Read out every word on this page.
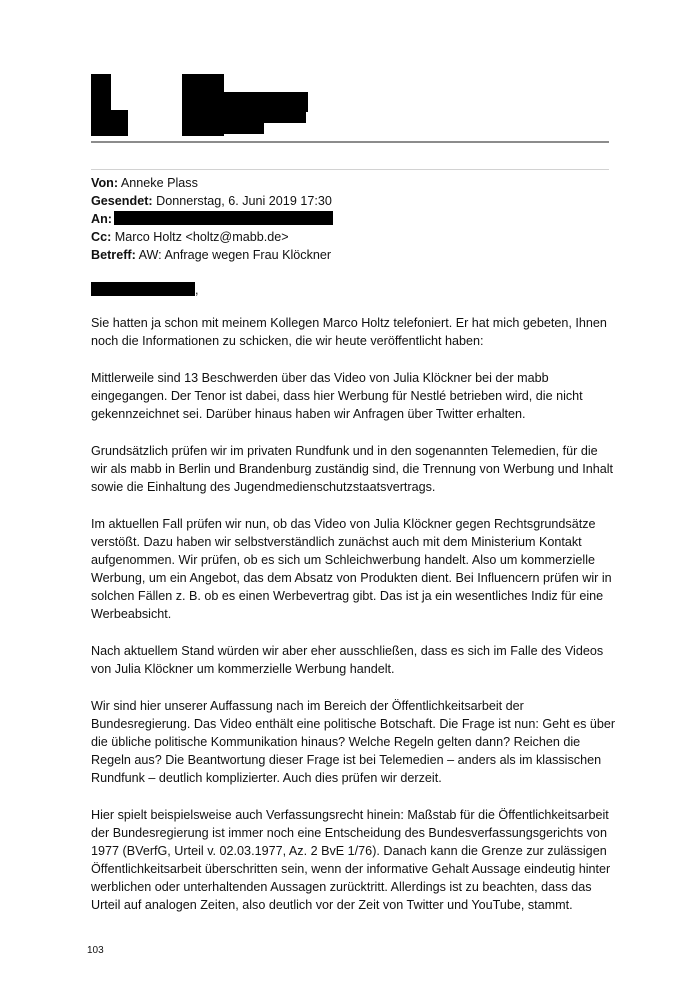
Von: Anneke Plass
Gesendet: Donnerstag, 6. Juni 2019 17:30
An:
Cc: Marco Holtz <holtz@mabb.de>
Betreff: AW: Anfrage wegen Frau Klöckner
,

Sie hatten ja schon mit meinem Kollegen Marco Holtz telefoniert. Er hat mich gebeten, Ihnen noch die Informationen zu schicken, die wir heute veröffentlicht haben:

Mittlerweile sind 13 Beschwerden über das Video von Julia Klöckner bei der mabb eingegangen. Der Tenor ist dabei, dass hier Werbung für Nestlé betrieben wird, die nicht gekennzeichnet sei. Darüber hinaus haben wir Anfragen über Twitter erhalten.

Grundsätzlich prüfen wir im privaten Rundfunk und in den sogenannten Telemedien, für die wir als mabb in Berlin und Brandenburg zuständig sind, die Trennung von Werbung und Inhalt sowie die Einhaltung des Jugendmedienschutzstaatsvertrags.

Im aktuellen Fall prüfen wir nun, ob das Video von Julia Klöckner gegen Rechtsgrundsätze verstößt. Dazu haben wir selbstverständlich zunächst auch mit dem Ministerium Kontakt aufgenommen. Wir prüfen, ob es sich um Schleichwerbung handelt. Also um kommerzielle Werbung, um ein Angebot, das dem Absatz von Produkten dient. Bei Influencern prüfen wir in solchen Fällen z. B. ob es einen Werbevertrag gibt. Das ist ja ein wesentliches Indiz für eine Werbeabsicht.

Nach aktuellem Stand würden wir aber eher ausschließen, dass es sich im Falle des Videos von Julia Klöckner um kommerzielle Werbung handelt.

Wir sind hier unserer Auffassung nach im Bereich der Öffentlichkeitsarbeit der Bundesregierung. Das Video enthält eine politische Botschaft. Die Frage ist nun: Geht es über die übliche politische Kommunikation hinaus? Welche Regeln gelten dann? Reichen die Regeln aus? Die Beantwortung dieser Frage ist bei Telemedien – anders als im klassischen Rundfunk – deutlich komplizierter. Auch dies prüfen wir derzeit.

Hier spielt beispielsweise auch Verfassungsrecht hinein: Maßstab für die Öffentlichkeitsarbeit der Bundesregierung ist immer noch eine Entscheidung des Bundesverfassungsgerichts von 1977 (BVerfG, Urteil v. 02.03.1977, Az. 2 BvE 1/76). Danach kann die Grenze zur zulässigen Öffentlichkeitsarbeit überschritten sein, wenn der informative Gehalt Aussage eindeutig hinter werblichen oder unterhaltenden Aussagen zurücktritt. Allerdings ist zu beachten, dass das Urteil auf analogen Zeiten, also deutlich vor der Zeit von Twitter und YouTube, stammt.

103
